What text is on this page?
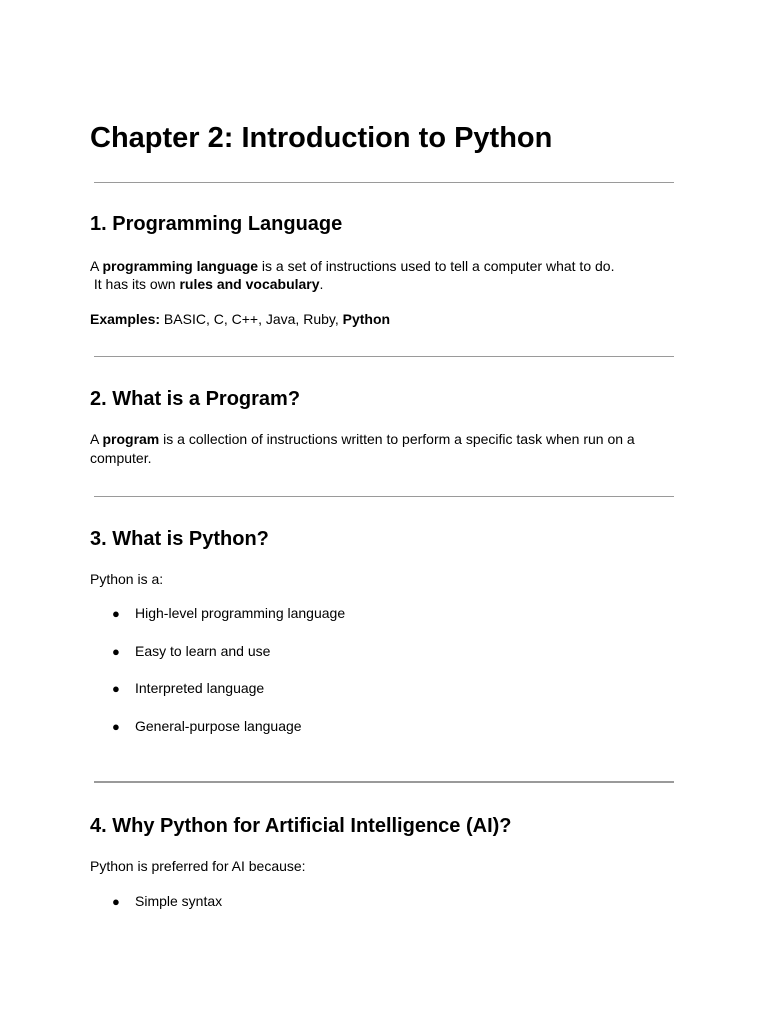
Chapter 2: Introduction to Python
1. Programming Language

A programming language is a set of instructions used to tell a computer what to do.

It has its own rules and vocabulary.

Examples: BASIC, C, C++, Java, Ruby, Python

2. What is a Program?

A program is a collection of instructions written to perform a specific task when run on a computer.

3. What is Python?

Python is a:

● High-level programming language
● Easy to learn and use
● Interpreted language
● General-purpose language
4. Why Python for Artificial Intelligence (AI)?

Python is preferred for AI because:

● Simple syntax
